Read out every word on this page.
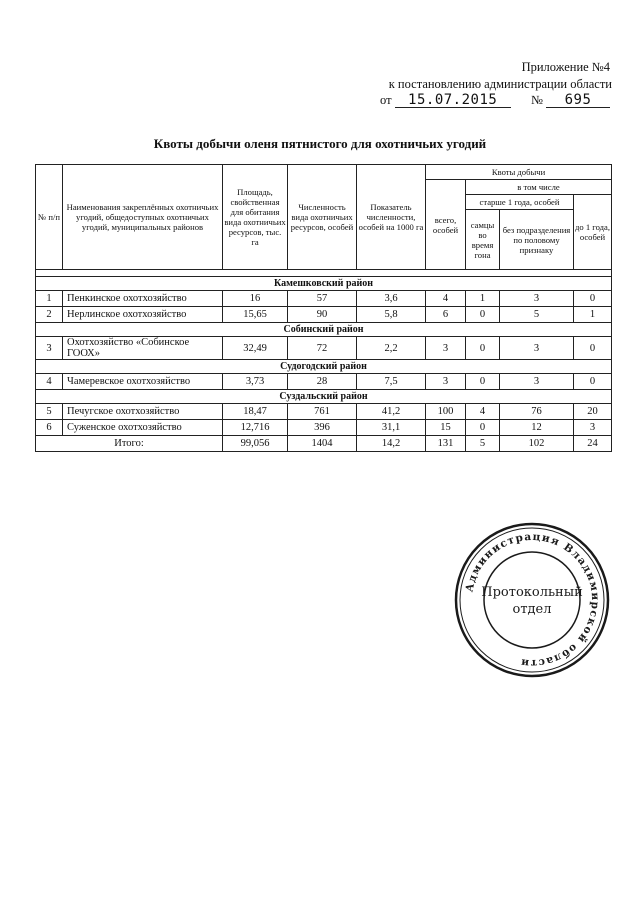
Приложение №4
к постановлению администрации области
от 15.07.2015	№ 695
Квоты добычи оленя пятнистого для охотничьих угодий
№ п/п	Наименования закреплённых охотничьих угодий, общедоступных охотничьих угодий, муниципальных районов	Площадь, свойственная для обитания вида охотничьих ресурсов, тыс. га	Численность вида охотничьих ресурсов, особей	Показатель численности, особей на 1000 га	Квоты добычи			
					всего, особей	в том числе		
						старше 1 года, особей		до 1 года, особей
						самцы во время гона	без подразделения по половому признаку	

Камешковский район								
1	Пенкинское охотхозяйство	16	57	3,6	4	1	3	0
2	Нерлинское охотхозяйство	15,65	90	5,8	6	0	5	1
Собинский район								
3	Охотхозяйство «Собинское ГООХ»	32,49	72	2,2	3	0	3	0
Судогодский район								
4	Чамеревское охотхозяйство	3,73	28	7,5	3	0	3	0
Суздальский район								
5	Печугское охотхозяйство	18,47	761	41,2	100	4	76	20
6	Суженское охотхозяйство	12,716	396	31,1	15	0	12	3
Итого:		99,056	1404	14,2	131	5	102	24
Администрация Владимирской области
Протокольный
отдел
